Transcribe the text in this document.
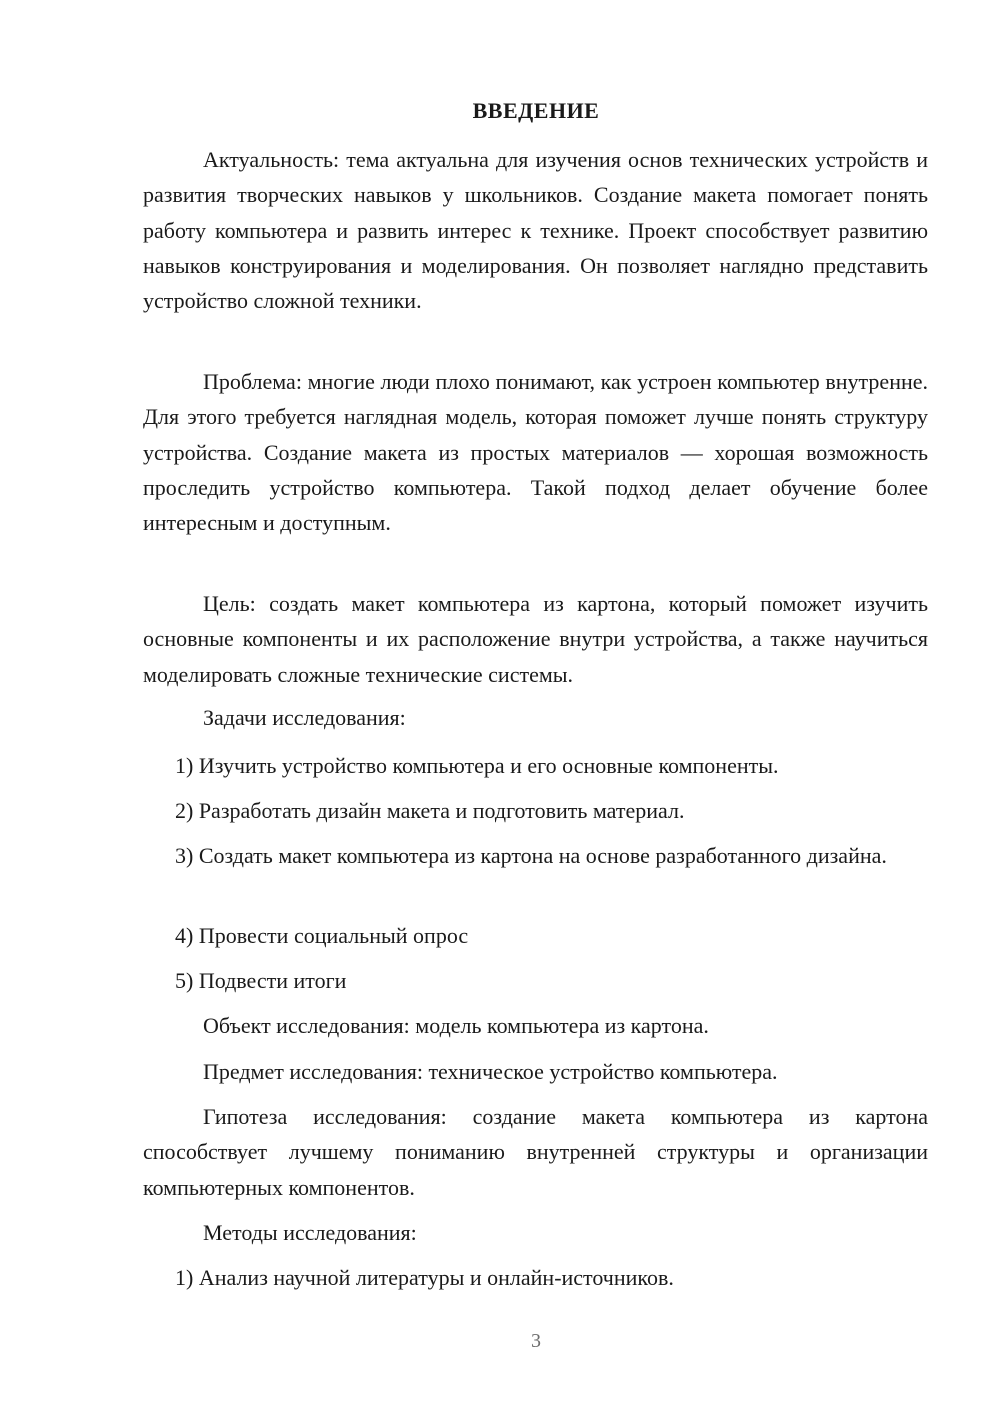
ВВЕДЕНИЕ

Актуальность: тема актуальна для изучения основ технических устройств и развития творческих навыков у школьников. Создание макета помогает понять работу компьютера и развить интерес к технике. Проект способствует развитию навыков конструирования и моделирования. Он позволяет наглядно представить устройство сложной техники.

Проблема: многие люди плохо понимают, как устроен компьютер внутренне. Для этого требуется наглядная модель, которая поможет лучше понять структуру устройства. Создание макета из простых материалов — хорошая возможность проследить устройство компьютера. Такой подход делает обучение более интересным и доступным.

Цель: создать макет компьютера из картона, который поможет изучить основные компоненты и их расположение внутри устройства, а также научиться моделировать сложные технические системы.

Задачи исследования:

1) Изучить устройство компьютера и его основные компоненты.

2) Разработать дизайн макета и подготовить материал.

3) Создать макет компьютера из картона на основе разработанного дизайна.

4) Провести социальный опрос

5) Подвести итоги

Объект исследования: модель компьютера из картона.

Предмет исследования: техническое устройство компьютера.

Гипотеза исследования: создание макета компьютера из картона способствует лучшему пониманию внутренней структуры и организации компьютерных компонентов.

Методы исследования:

1) Анализ научной литературы и онлайн-источников.

3
